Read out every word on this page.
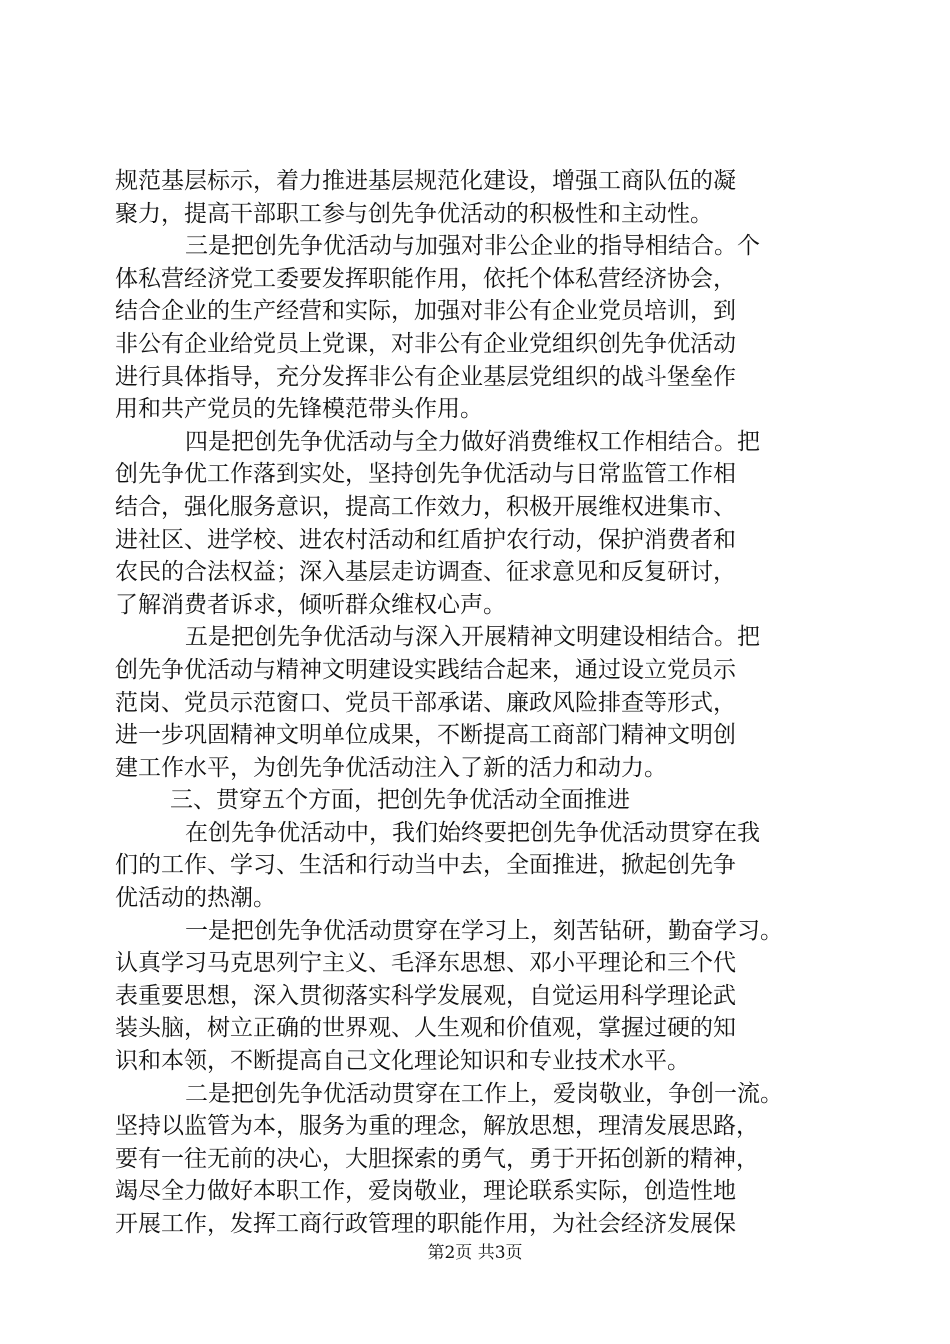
规范基层标示，着力推进基层规范化建设，增强工商队伍的凝
聚力，提高干部职工参与创先争优活动的积极性和主动性。
三是把创先争优活动与加强对非公企业的指导相结合。个
体私营经济党工委要发挥职能作用，依托个体私营经济协会，
结合企业的生产经营和实际，加强对非公有企业党员培训，到
非公有企业给党员上党课，对非公有企业党组织创先争优活动
进行具体指导，充分发挥非公有企业基层党组织的战斗堡垒作
用和共产党员的先锋模范带头作用。
四是把创先争优活动与全力做好消费维权工作相结合。把
创先争优工作落到实处，坚持创先争优活动与日常监管工作相
结合，强化服务意识，提高工作效力，积极开展维权进集市、
进社区、进学校、进农村活动和红盾护农行动，保护消费者和
农民的合法权益；深入基层走访调查、征求意见和反复研讨，
了解消费者诉求，倾听群众维权心声。
五是把创先争优活动与深入开展精神文明建设相结合。把
创先争优活动与精神文明建设实践结合起来，通过设立党员示
范岗、党员示范窗口、党员干部承诺、廉政风险排查等形式，
进一步巩固精神文明单位成果，不断提高工商部门精神文明创
建工作水平，为创先争优活动注入了新的活力和动力。
三、贯穿五个方面，把创先争优活动全面推进
在创先争优活动中，我们始终要把创先争优活动贯穿在我
们的工作、学习、生活和行动当中去，全面推进，掀起创先争
优活动的热潮。
一是把创先争优活动贯穿在学习上，刻苦钻研，勤奋学习。
认真学习马克思列宁主义、毛泽东思想、邓小平理论和三个代
表重要思想，深入贯彻落实科学发展观，自觉运用科学理论武
装头脑，树立正确的世界观、人生观和价值观，掌握过硬的知
识和本领，不断提高自己文化理论知识和专业技术水平。
二是把创先争优活动贯穿在工作上，爱岗敬业，争创一流。
坚持以监管为本，服务为重的理念，解放思想，理清发展思路，
要有一往无前的决心，大胆探索的勇气，勇于开拓创新的精神，
竭尽全力做好本职工作，爱岗敬业，理论联系实际，创造性地
开展工作，发挥工商行政管理的职能作用，为社会经济发展保
第2页 共3页
